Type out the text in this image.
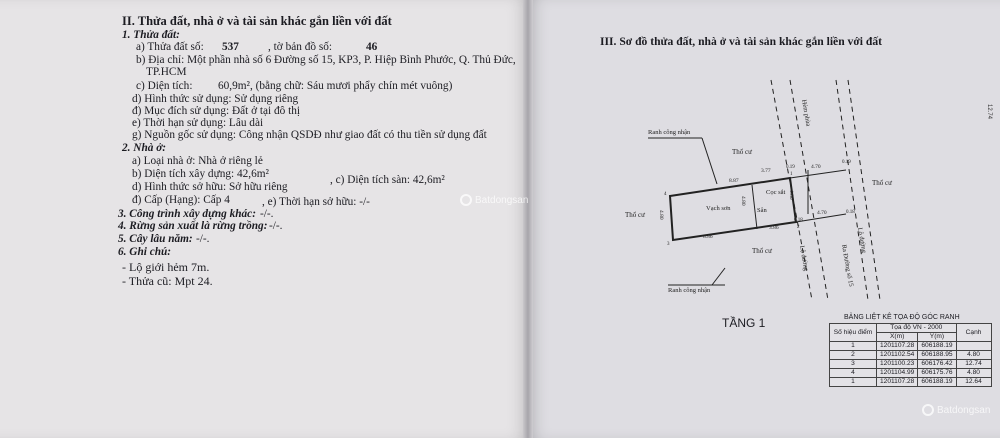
II. Thửa đất, nhà ở và tài sản khác gắn liền với đất
1. Thửa đất:
a) Thửa đất số: 537	, tờ bản đồ số:	46
b) Địa chỉ: Một phần nhà số 6 Đường số 15, KP3, P. Hiệp Bình Phước, Q. Thủ Đức,
TP.HCM
c) Diện tích: 60,9m², (bằng chữ: Sáu mươi phẩy chín mét vuông)
d) Hình thức sử dụng: Sử dụng riêng
đ) Mục đích sử dụng: Đất ở tại đô thị
e) Thời hạn sử dụng: Lâu dài
g) Nguồn gốc sử dụng: Công nhận QSDĐ như giao đất có thu tiền sử dụng đất
2. Nhà ở:
a) Loại nhà ở: Nhà ở riêng lẻ
b) Diện tích xây dựng: 42,6m²	, c) Diện tích sàn: 42,6m²
d) Hình thức sở hữu: Sở hữu riêng
đ) Cấp (Hạng): Cấp 4	, e) Thời hạn sở hữu: -/-
3. Công trình xây dựng khác: -/-.
4. Rừng sản xuất là rừng trồng: -/-.
5. Cây lâu năm: -/-.
6. Ghi chú:
- Lộ giới hẻm 7m.
- Thửa cũ: Mpt 24.
Batdongsan
III. Sơ đồ thửa đất, nhà ở và tài sản khác gắn liền với đất
Ranh công nhận
Ranh công nhận
Thổ cư
Thổ cư
Thổ cư
Thổ cư
Hẻm phùa
Lộ đường
Lộ đường
Ra Đường số 15
Vạch sơn	Sân
Cọc sắt
8.87
8.86
3.77
3.86
4.70
4.70
4.80
4.80
4.80
0.19
0.19
0.18
0.18
1
2
3
4
TẦNG 1	BẢNG LIỆT KÊ TỌA ĐỘ GÓC RANH
Số hiệu điểm	Tọa độ VN - 2000		Cạnh
	X(m)	Y(m)	
1	1201107.28	606188.19	
2	1201102.54	606188.95	4.80
3	1201100.23	606176.42	12.74
4	1201104.99	606175.76	4.80
1	1201107.28	606188.19	12.64
12.74
Batdongsan
